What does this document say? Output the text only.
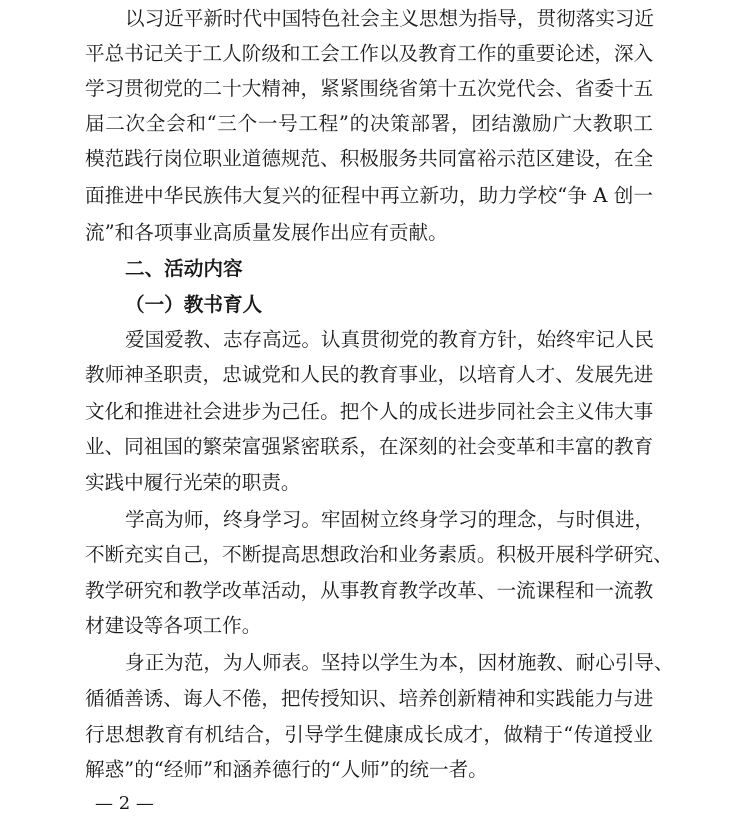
以习近平新时代中国特色社会主义思想为指导，贯彻落实习近
平总书记关于工人阶级和工会工作以及教育工作的重要论述，深入
学习贯彻党的二十大精神，紧紧围绕省第十五次党代会、省委十五
届二次全会和“三个一号工程”的决策部署，团结激励广大教职工
模范践行岗位职业道德规范、积极服务共同富裕示范区建设，在全
面推进中华民族伟大复兴的征程中再立新功，助力学校“争 A 创一
流”和各项事业高质量发展作出应有贡献。
二、活动内容
（一）教书育人
爱国爱教、志存高远。认真贯彻党的教育方针，始终牢记人民
教师神圣职责，忠诚党和人民的教育事业，以培育人才、发展先进
文化和推进社会进步为己任。把个人的成长进步同社会主义伟大事
业、同祖国的繁荣富强紧密联系，在深刻的社会变革和丰富的教育
实践中履行光荣的职责。
学高为师，终身学习。牢固树立终身学习的理念，与时俱进，
不断充实自己，不断提高思想政治和业务素质。积极开展科学研究、
教学研究和教学改革活动，从事教育教学改革、一流课程和一流教
材建设等各项工作。
身正为范，为人师表。坚持以学生为本，因材施教、耐心引导、
循循善诱、诲人不倦，把传授知识、培养创新精神和实践能力与进
行思想教育有机结合，引导学生健康成长成才，做精于“传道授业
解惑”的“经师”和涵养德行的“人师”的统一者。
— 2 —
